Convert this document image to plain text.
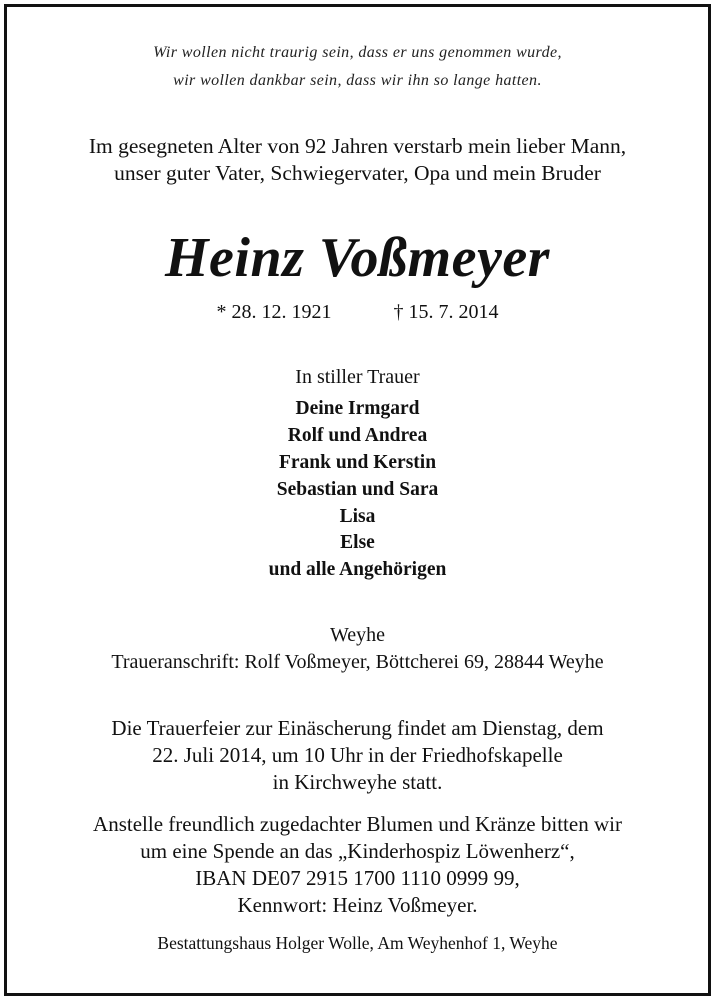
Wir wollen nicht traurig sein, dass er uns genommen wurde,
wir wollen dankbar sein, dass wir ihn so lange hatten.
Im gesegneten Alter von 92 Jahren verstarb mein lieber Mann,
unser guter Vater, Schwiegervater, Opa und mein Bruder
Heinz Voßmeyer
* 28. 12. 1921	† 15. 7. 2014
In stiller Trauer
Deine Irmgard
Rolf und Andrea
Frank und Kerstin
Sebastian und Sara
Lisa
Else
und alle Angehörigen
Weyhe
Traueranschrift: Rolf Voßmeyer, Böttcherei 69, 28844 Weyhe
Die Trauerfeier zur Einäscherung findet am Dienstag, dem
22. Juli 2014, um 10 Uhr in der Friedhofskapelle
in Kirchweyhe statt.
Anstelle freundlich zugedachter Blumen und Kränze bitten wir
um eine Spende an das „Kinderhospiz Löwenherz“,
IBAN DE07 2915 1700 1110 0999 99,
Kennwort: Heinz Voßmeyer.
Bestattungshaus Holger Wolle, Am Weyhenhof 1, Weyhe
